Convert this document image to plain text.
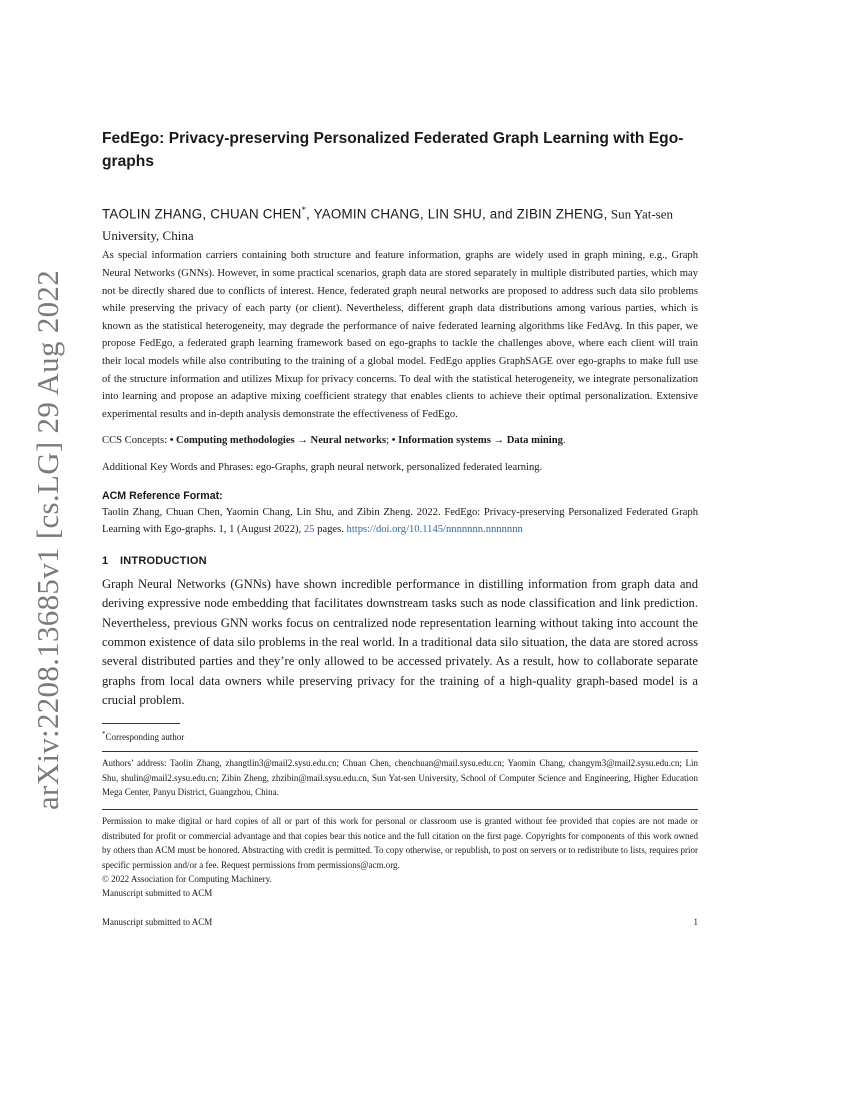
arXiv:2208.13685v1 [cs.LG] 29 Aug 2022
FedEgo: Privacy-preserving Personalized Federated Graph Learning with Ego-graphs
TAOLIN ZHANG, CHUAN CHEN*, YAOMIN CHANG, LIN SHU, and ZIBIN ZHENG, Sun Yat-sen University, China

As special information carriers containing both structure and feature information, graphs are widely used in graph mining, e.g., Graph Neural Networks (GNNs). However, in some practical scenarios, graph data are stored separately in multiple distributed parties, which may not be directly shared due to conflicts of interest. Hence, federated graph neural networks are proposed to address such data silo problems while preserving the privacy of each party (or client). Nevertheless, different graph data distributions among various parties, which is known as the statistical heterogeneity, may degrade the performance of naive federated learning algorithms like FedAvg. In this paper, we propose FedEgo, a federated graph learning framework based on ego-graphs to tackle the challenges above, where each client will train their local models while also contributing to the training of a global model. FedEgo applies GraphSAGE over ego-graphs to make full use of the structure information and utilizes Mixup for privacy concerns. To deal with the statistical heterogeneity, we integrate personalization into learning and propose an adaptive mixing coefficient strategy that enables clients to achieve their optimal personalization. Extensive experimental results and in-depth analysis demonstrate the effectiveness of FedEgo.

CCS Concepts: • Computing methodologies → Neural networks; • Information systems → Data mining.

Additional Key Words and Phrases: ego-Graphs, graph neural network, personalized federated learning.

ACM Reference Format:

Taolin Zhang, Chuan Chen, Yaomin Chang, Lin Shu, and Zibin Zheng. 2022. FedEgo: Privacy-preserving Personalized Federated Graph Learning with Ego-graphs. 1, 1 (August 2022), 25 pages. https://doi.org/10.1145/nnnnnnn.nnnnnnn

1 INTRODUCTION

Graph Neural Networks (GNNs) have shown incredible performance in distilling information from graph data and deriving expressive node embedding that facilitates downstream tasks such as node classification and link prediction. Nevertheless, previous GNN works focus on centralized node representation learning without taking into account the common existence of data silo problems in the real world. In a traditional data silo situation, the data are stored across several distributed parties and they’re only allowed to be accessed privately. As a result, how to collaborate separate graphs from local data owners while preserving privacy for the training of a high-quality graph-based model is a crucial problem.

*Corresponding author

Authors’ address: Taolin Zhang, zhangtlin3@mail2.sysu.edu.cn; Chuan Chen, chenchuan@mail.sysu.edu.cn; Yaomin Chang, changym3@mail2.sysu.edu.cn; Lin Shu, shulin@mail2.sysu.edu.cn; Zibin Zheng, zhzibin@mail.sysu.edu.cn, Sun Yat-sen University, School of Computer Science and Engineering, Higher Education Mega Center, Panyu District, Guangzhou, China.

Permission to make digital or hard copies of all or part of this work for personal or classroom use is granted without fee provided that copies are not made or distributed for profit or commercial advantage and that copies bear this notice and the full citation on the first page. Copyrights for components of this work owned by others than ACM must be honored. Abstracting with credit is permitted. To copy otherwise, or republish, to post on servers or to redistribute to lists, requires prior specific permission and/or a fee. Request permissions from permissions@acm.org.

© 2022 Association for Computing Machinery.

Manuscript submitted to ACM

Manuscript submitted to ACM	1
